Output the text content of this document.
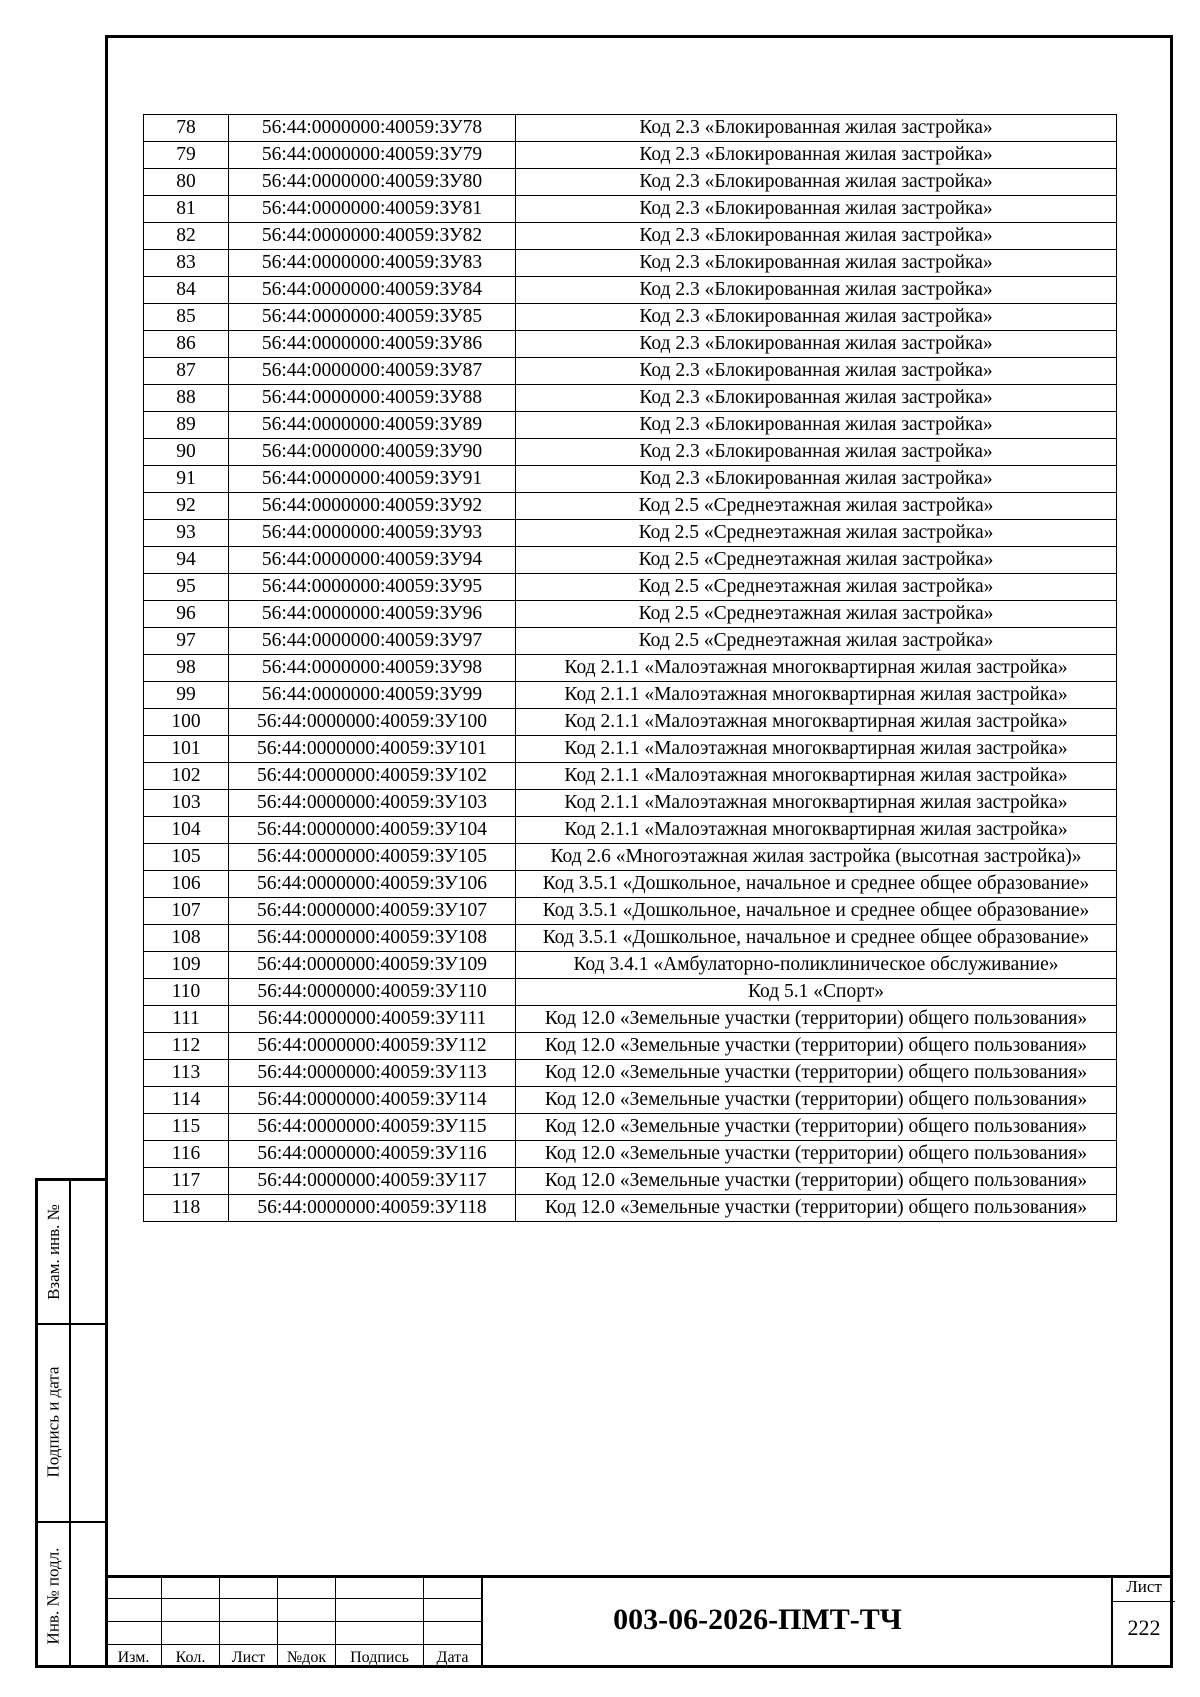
78	56:44:0000000:40059:ЗУ78	Код 2.3 «Блокированная жилая застройка»
79	56:44:0000000:40059:ЗУ79	Код 2.3 «Блокированная жилая застройка»
80	56:44:0000000:40059:ЗУ80	Код 2.3 «Блокированная жилая застройка»
81	56:44:0000000:40059:ЗУ81	Код 2.3 «Блокированная жилая застройка»
82	56:44:0000000:40059:ЗУ82	Код 2.3 «Блокированная жилая застройка»
83	56:44:0000000:40059:ЗУ83	Код 2.3 «Блокированная жилая застройка»
84	56:44:0000000:40059:ЗУ84	Код 2.3 «Блокированная жилая застройка»
85	56:44:0000000:40059:ЗУ85	Код 2.3 «Блокированная жилая застройка»
86	56:44:0000000:40059:ЗУ86	Код 2.3 «Блокированная жилая застройка»
87	56:44:0000000:40059:ЗУ87	Код 2.3 «Блокированная жилая застройка»
88	56:44:0000000:40059:ЗУ88	Код 2.3 «Блокированная жилая застройка»
89	56:44:0000000:40059:ЗУ89	Код 2.3 «Блокированная жилая застройка»
90	56:44:0000000:40059:ЗУ90	Код 2.3 «Блокированная жилая застройка»
91	56:44:0000000:40059:ЗУ91	Код 2.3 «Блокированная жилая застройка»
92	56:44:0000000:40059:ЗУ92	Код 2.5 «Среднеэтажная жилая застройка»
93	56:44:0000000:40059:ЗУ93	Код 2.5 «Среднеэтажная жилая застройка»
94	56:44:0000000:40059:ЗУ94	Код 2.5 «Среднеэтажная жилая застройка»
95	56:44:0000000:40059:ЗУ95	Код 2.5 «Среднеэтажная жилая застройка»
96	56:44:0000000:40059:ЗУ96	Код 2.5 «Среднеэтажная жилая застройка»
97	56:44:0000000:40059:ЗУ97	Код 2.5 «Среднеэтажная жилая застройка»
98	56:44:0000000:40059:ЗУ98	Код 2.1.1 «Малоэтажная многоквартирная жилая застройка»
99	56:44:0000000:40059:ЗУ99	Код 2.1.1 «Малоэтажная многоквартирная жилая застройка»
100	56:44:0000000:40059:ЗУ100	Код 2.1.1 «Малоэтажная многоквартирная жилая застройка»
101	56:44:0000000:40059:ЗУ101	Код 2.1.1 «Малоэтажная многоквартирная жилая застройка»
102	56:44:0000000:40059:ЗУ102	Код 2.1.1 «Малоэтажная многоквартирная жилая застройка»
103	56:44:0000000:40059:ЗУ103	Код 2.1.1 «Малоэтажная многоквартирная жилая застройка»
104	56:44:0000000:40059:ЗУ104	Код 2.1.1 «Малоэтажная многоквартирная жилая застройка»
105	56:44:0000000:40059:ЗУ105	Код 2.6 «Многоэтажная жилая застройка (высотная застройка)»
106	56:44:0000000:40059:ЗУ106	Код 3.5.1 «Дошкольное, начальное и среднее общее образование»
107	56:44:0000000:40059:ЗУ107	Код 3.5.1 «Дошкольное, начальное и среднее общее образование»
108	56:44:0000000:40059:ЗУ108	Код 3.5.1 «Дошкольное, начальное и среднее общее образование»
109	56:44:0000000:40059:ЗУ109	Код 3.4.1 «Амбулаторно-поликлиническое обслуживание»
110	56:44:0000000:40059:ЗУ110	Код 5.1 «Спорт»
111	56:44:0000000:40059:ЗУ111	Код 12.0 «Земельные участки (территории) общего пользования»
112	56:44:0000000:40059:ЗУ112	Код 12.0 «Земельные участки (территории) общего пользования»
113	56:44:0000000:40059:ЗУ113	Код 12.0 «Земельные участки (территории) общего пользования»
114	56:44:0000000:40059:ЗУ114	Код 12.0 «Земельные участки (территории) общего пользования»
115	56:44:0000000:40059:ЗУ115	Код 12.0 «Земельные участки (территории) общего пользования»
116	56:44:0000000:40059:ЗУ116	Код 12.0 «Земельные участки (территории) общего пользования»
117	56:44:0000000:40059:ЗУ117	Код 12.0 «Земельные участки (территории) общего пользования»
118	56:44:0000000:40059:ЗУ118	Код 12.0 «Земельные участки (территории) общего пользования»
Взам. инв. №
Подпись и дата
Инв. № подл.

Изм.	Кол.	Лист	№док	Подпись	Дата
003-06-2026-ПМТ-ТЧ
Лист
222
